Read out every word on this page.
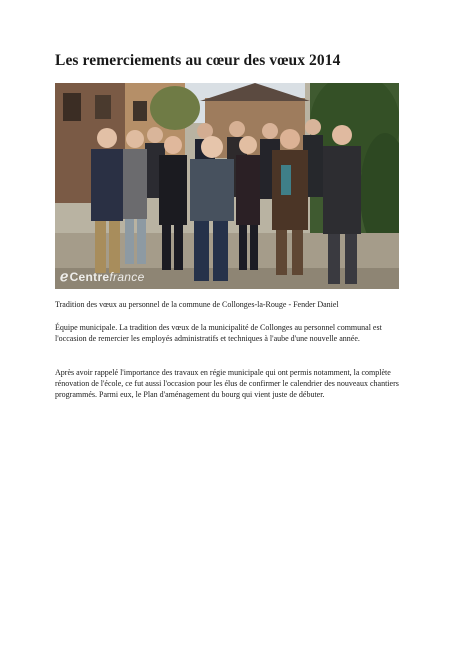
Les remerciements au cœur des vœux 2014
ℯCentrefrance

Tradition des vœux au personnel de la commune de Collonges-la-Rouge - Fender Daniel

Équipe municipale. La tradition des vœux de la municipalité de Collonges au personnel communal est l'occasion de remercier les employés administratifs et techniques à l'aube d'une nouvelle année.

Après avoir rappelé l'importance des travaux en régie municipale qui ont permis notamment, la complète rénovation de l'école, ce fut aussi l'occasion pour les élus de confirmer le calendrier des nouveaux chantiers programmés. Parmi eux, le Plan d'aménagement du bourg qui vient juste de débuter.
